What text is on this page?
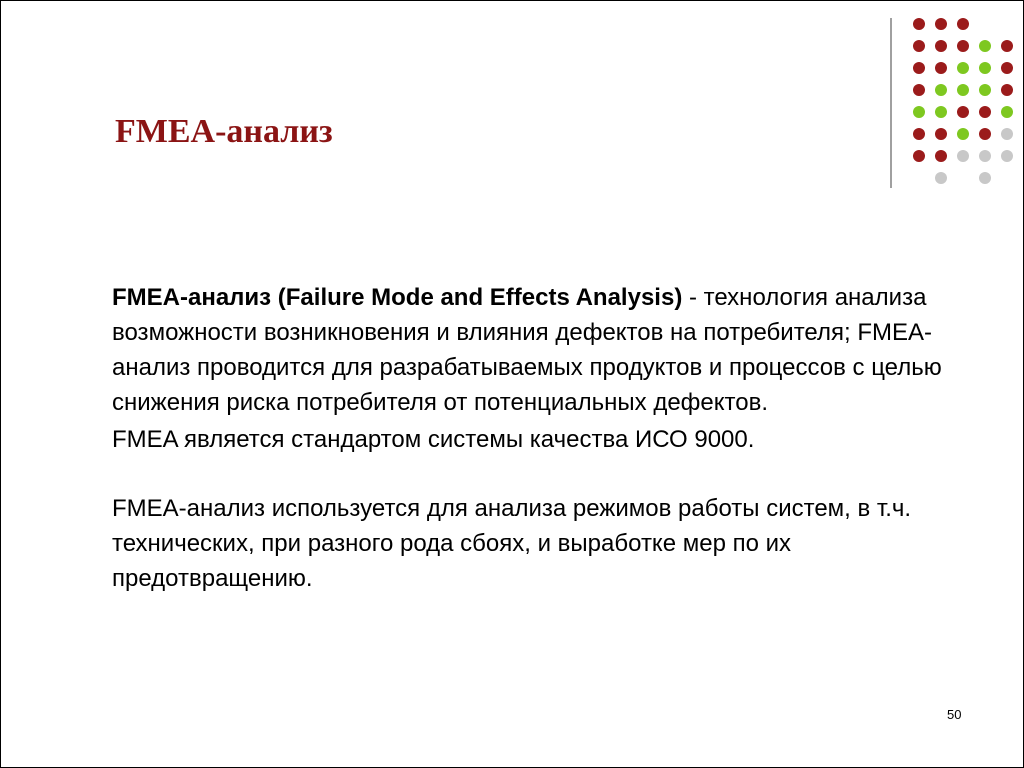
FMEA-анализ

FMEA-анализ (Failure Mode and Effects Analysis) - технология анализа возможности возникновения и влияния дефектов на потребителя; FMEA-анализ проводится для разрабатываемых продуктов и процессов с целью снижения риска потребителя от потенциальных дефектов.

FMEA является стандартом системы качества ИСО 9000.

FMEA-анализ используется для анализа режимов работы систем, в т.ч. технических, при разного рода сбоях, и выработке мер по их предотвращению.

50
